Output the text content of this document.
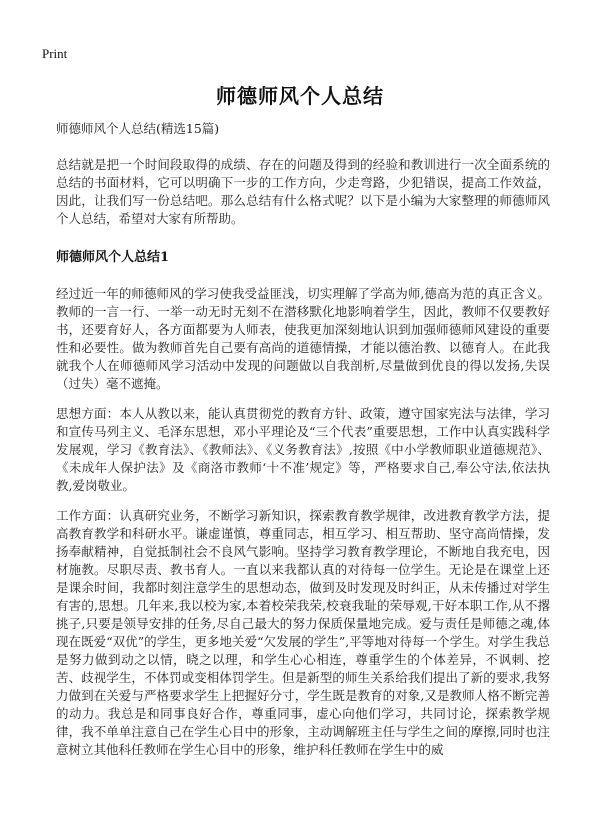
Print
师德师风个人总结

师德师风个人总结(精选15篇)

总结就是把一个时间段取得的成绩、存在的问题及得到的经验和教训进行一次全面系统的总结的书面材料，它可以明确下一步的工作方向，少走弯路，少犯错误，提高工作效益，因此，让我们写一份总结吧。那么总结有什么格式呢？以下是小编为大家整理的师德师风个人总结，希望对大家有所帮助。

师德师风个人总结1

经过近一年的师德师风的学习使我受益匪浅，切实理解了学高为师,德高为范的真正含义。教师的一言一行、一举一动无时无刻不在潜移默化地影响着学生，因此，教师不仅要教好书，还要育好人，各方面都要为人师表，使我更加深刻地认识到加强师德师风建设的重要性和必要性。做为教师首先自己要有高尚的道德情操，才能以德治教、以德育人。在此我就我个人在师德师风学习活动中发现的问题做以自我剖析,尽量做到优良的得以发扬,失误（过失）毫不遮掩。

思想方面：本人从教以来，能认真贯彻党的教育方针、政策，遵守国家宪法与法律，学习和宣传马列主义、毛泽东思想，邓小平理论及“三个代表”重要思想，工作中认真实践科学发展观，学习《教育法》、《教师法》、《义务教育法》,按照《中小学教师职业道德规范》、《未成年人保护法》及《商洛市教师‘十不准’规定》等，严格要求自己,奉公守法,依法执教,爱岗敬业。

工作方面：认真研究业务，不断学习新知识，探索教育教学规律，改进教育教学方法，提高教育教学和科研水平。谦虚谨慎，尊重同志，相互学习、相互帮助、坚守高尚情操，发扬奉献精神，自觉抵制社会不良风气影响。坚持学习教育教学理论，不断地自我充电，因材施教。尽职尽责、教书育人。一直以来我都认真的对待每一位学生。无论是在课堂上还是课余时间，我都时刻注意学生的思想动态，做到及时发现及时纠正，从未传播过对学生有害的,思想。几年来,我以校为家,本着校荣我荣,校衰我耻的荣辱观,干好本职工作,从不撂挑子,只要是领导安排的任务,尽自己最大的努力保质保量地完成。爱与责任是师德之魂,体现在既爱“双优”的学生，更多地关爱“欠发展的学生”,平等地对待每一个学生。对学生我总是努力做到动之以情，晓之以理，和学生心心相连，尊重学生的个体差异，不讽刺、挖苦、歧视学生，不体罚或变相体罚学生。但是新型的师生关系给我们提出了新的要求,我努力做到在关爱与严格要求学生上把握好分寸，学生既是教育的对象,又是教师人格不断完善的动力。我总是和同事良好合作，尊重同事，虚心向他们学习，共同讨论，探索教学规律，我不单单注意自己在学生心目中的形象，主动调解班主任与学生之间的摩擦,同时也注意树立其他科任教师在学生心目中的形象，维护科任教师在学生中的威
